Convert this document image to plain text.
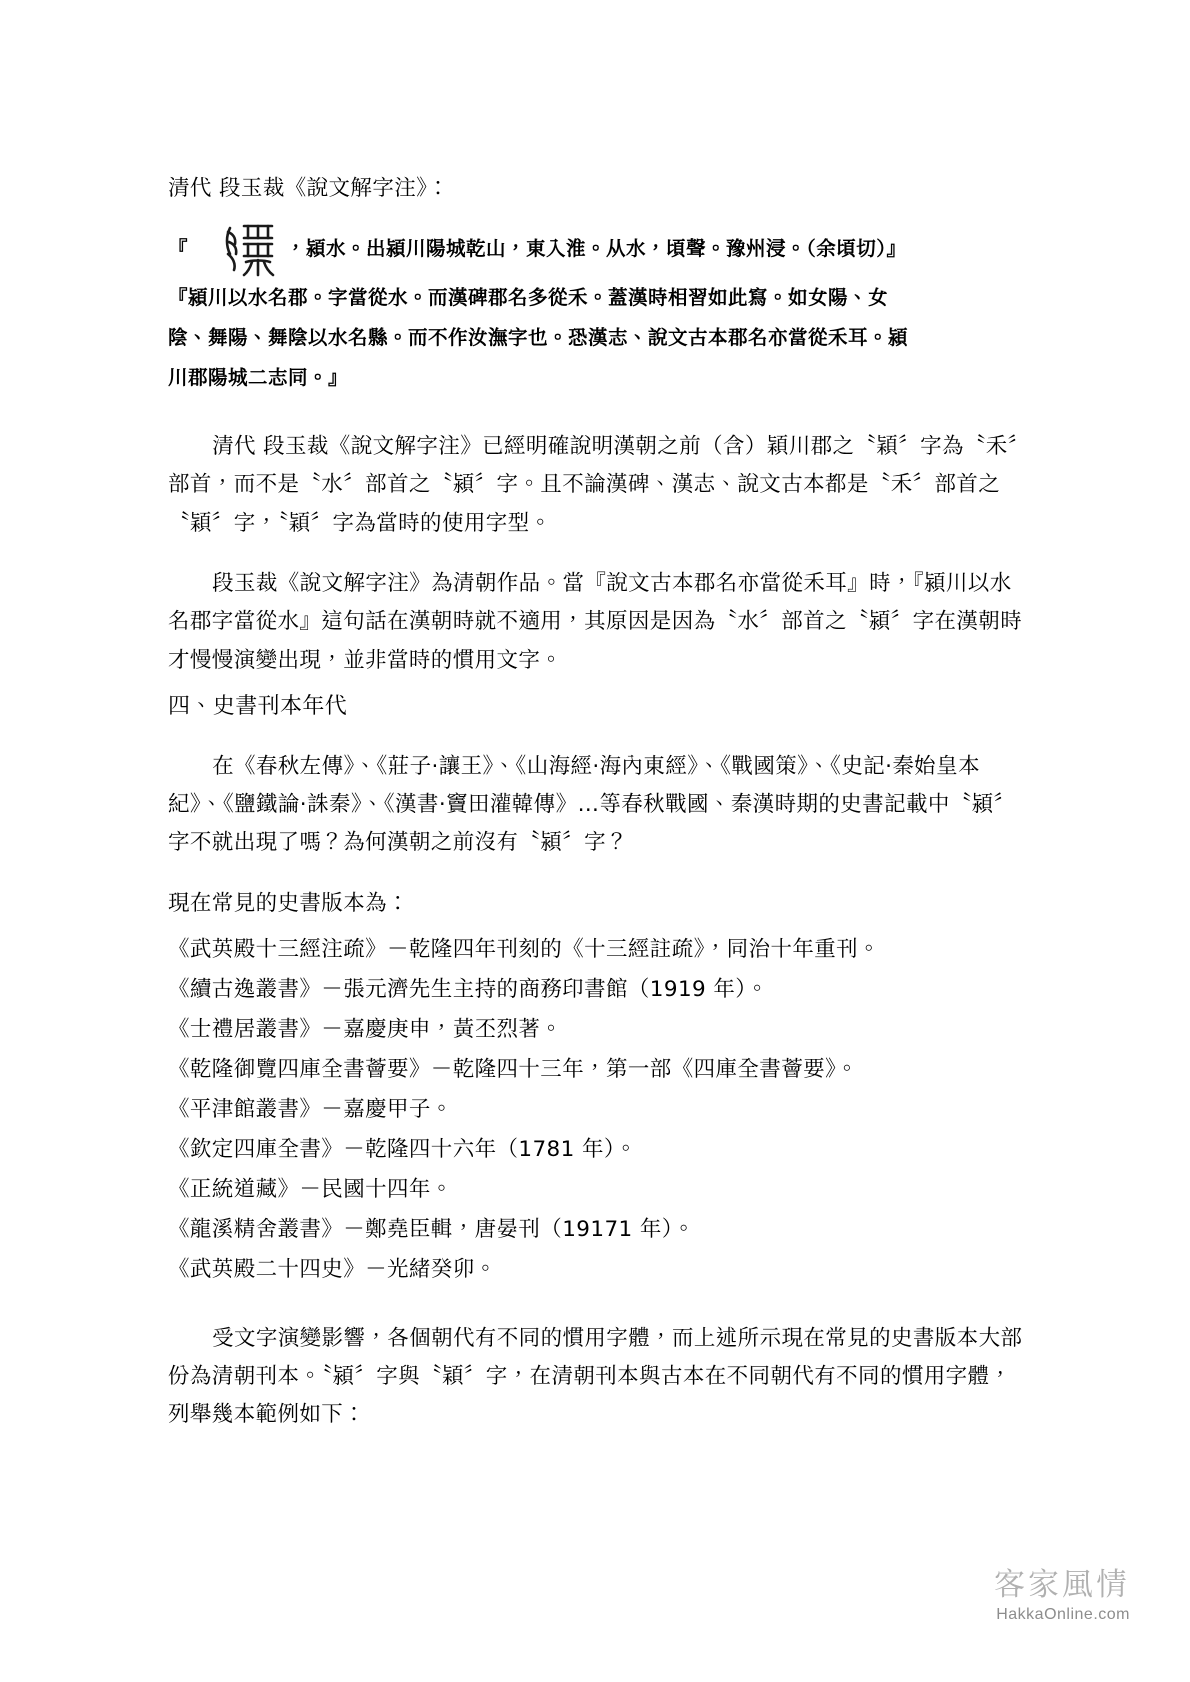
清代 段玉裁《說文解字注》：

『	，潁水。出潁川陽城乾山，東入淮。从水，頃聲。豫州浸。（余頃切）』
『潁川以水名郡。字當從水。而漢碑郡名多從禾。蓋漢時相習如此寫。如女陽、女
陰、舞陽、舞陰以水名縣。而不作汝潕字也。恐漢志、說文古本郡名亦當從禾耳。潁
川郡陽城二志同。』

清代 段玉裁《說文解字注》已經明確說明漢朝之前（含）穎川郡之〝穎〞字為〝禾〞部首，而不是〝水〞部首之〝潁〞字。且不論漢碑、漢志、說文古本都是〝禾〞部首之〝穎〞字，〝穎〞字為當時的使用字型。

段玉裁《說文解字注》為清朝作品。當『說文古本郡名亦當從禾耳』時，『潁川以水名郡字當從水』這句話在漢朝時就不適用，其原因是因為〝水〞部首之〝潁〞字在漢朝時才慢慢演變出現，並非當時的慣用文字。

四、史書刊本年代

在《春秋左傳》、《莊子·讓王》、《山海經·海內東經》、《戰國策》、《史記·秦始皇本紀》、《鹽鐵論·誅秦》、《漢書·竇田灌韓傳》…等春秋戰國、秦漢時期的史書記載中〝潁〞字不就出現了嗎？為何漢朝之前沒有〝潁〞字？

現在常見的史書版本為：

《武英殿十三經注疏》－乾隆四年刊刻的《十三經註疏》，同治十年重刊。

《續古逸叢書》－張元濟先生主持的商務印書館（1919 年）。

《士禮居叢書》－嘉慶庚申，黃丕烈著。

《乾隆御覽四庫全書薈要》－乾隆四十三年，第一部《四庫全書薈要》。

《平津館叢書》－嘉慶甲子。

《欽定四庫全書》－乾隆四十六年（1781 年）。

《正統道藏》－民國十四年。

《龍溪精舍叢書》－鄭堯臣輯，唐晏刊（19171 年）。

《武英殿二十四史》－光緒癸卯。

受文字演變影響，各個朝代有不同的慣用字體，而上述所示現在常見的史書版本大部份為清朝刊本。〝潁〞字與〝穎〞字，在清朝刊本與古本在不同朝代有不同的慣用字體，列舉幾本範例如下：

客家風情
HakkaOnline.com
